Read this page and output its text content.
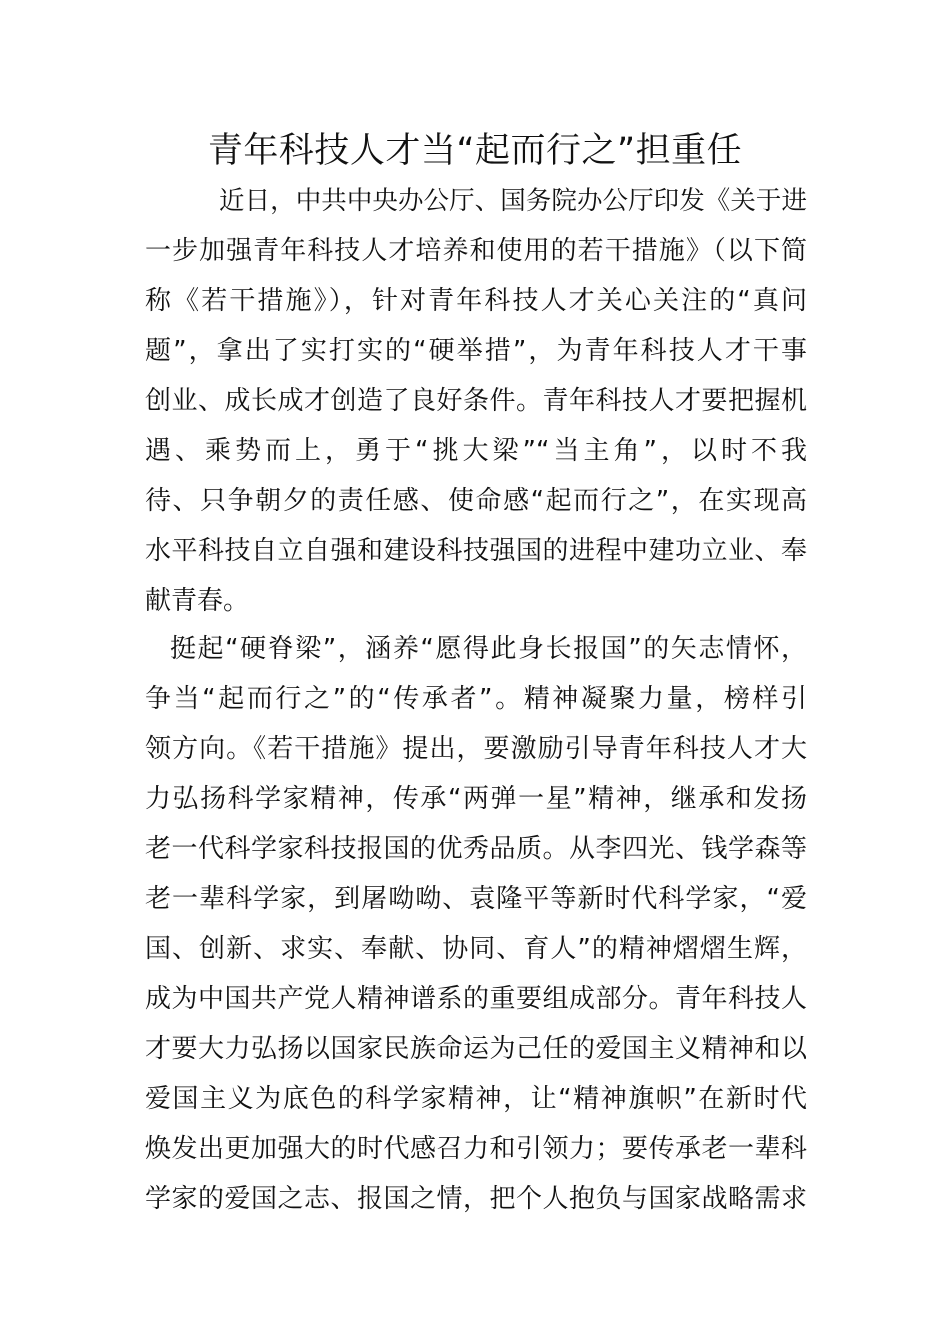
青年科技人才当“起而行之”担重任
近日，中共中央办公厅、国务院办公厅印发《关于进
一步加强青年科技人才培养和使用的若干措施》（以下简
称《若干措施》），针对青年科技人才关心关注的“真问
题”，拿出了实打实的“硬举措”，为青年科技人才干事
创业、成长成才创造了良好条件。青年科技人才要把握机
遇、乘势而上，勇于“挑大梁”“当主角”，以时不我
待、只争朝夕的责任感、使命感“起而行之”，在实现高
水平科技自立自强和建设科技强国的进程中建功立业、奉
献青春。
挺起“硬脊梁”，涵养“愿得此身长报国”的矢志情怀，
争当“起而行之”的“传承者”。精神凝聚力量，榜样引
领方向。《若干措施》提出，要激励引导青年科技人才大
力弘扬科学家精神，传承“两弹一星”精神，继承和发扬
老一代科学家科技报国的优秀品质。从李四光、钱学森等
老一辈科学家，到屠呦呦、袁隆平等新时代科学家，“爱
国、创新、求实、奉献、协同、育人”的精神熠熠生辉，
成为中国共产党人精神谱系的重要组成部分。青年科技人
才要大力弘扬以国家民族命运为己任的爱国主义精神和以
爱国主义为底色的科学家精神，让“精神旗帜”在新时代
焕发出更加强大的时代感召力和引领力；要传承老一辈科
学家的爱国之志、报国之情，把个人抱负与国家战略需求
